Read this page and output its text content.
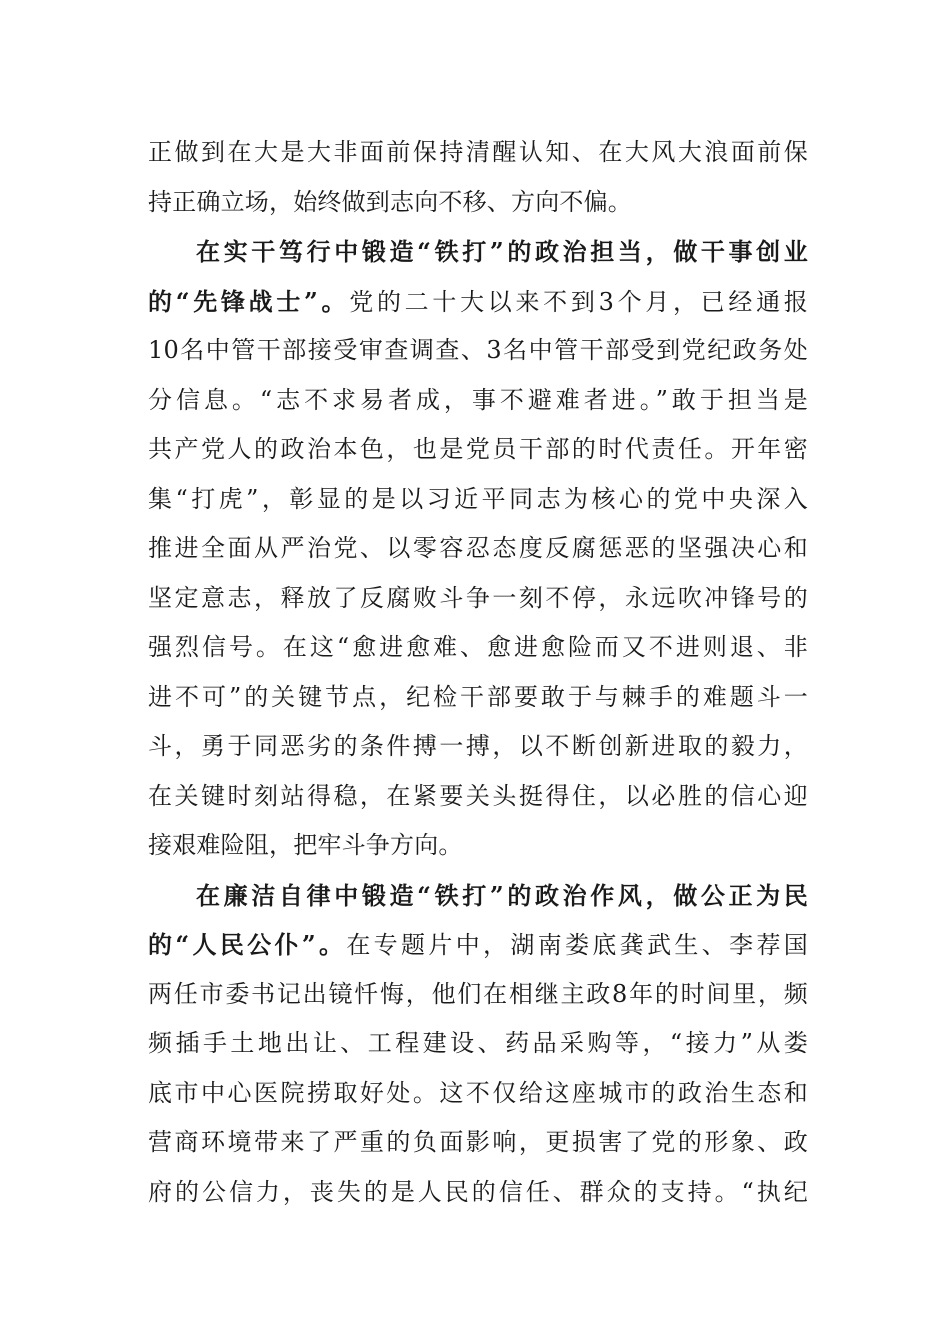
正做到在大是大非面前保持清醒认知、在大风大浪面前保
持正确立场，始终做到志向不移、方向不偏。
在实干笃行中锻造“铁打”的政治担当，做干事创业
的“先锋战士”。党的二十大以来不到3个月，已经通报
10名中管干部接受审查调查、3名中管干部受到党纪政务处
分信息。“志不求易者成，事不避难者进。”敢于担当是
共产党人的政治本色，也是党员干部的时代责任。开年密
集“打虎”，彰显的是以习近平同志为核心的党中央深入
推进全面从严治党、以零容忍态度反腐惩恶的坚强决心和
坚定意志，释放了反腐败斗争一刻不停，永远吹冲锋号的
强烈信号。在这“愈进愈难、愈进愈险而又不进则退、非
进不可”的关键节点，纪检干部要敢于与棘手的难题斗一
斗，勇于同恶劣的条件搏一搏，以不断创新进取的毅力，
在关键时刻站得稳，在紧要关头挺得住，以必胜的信心迎
接艰难险阻，把牢斗争方向。
在廉洁自律中锻造“铁打”的政治作风，做公正为民
的“人民公仆”。在专题片中，湖南娄底龚武生、李荐国
两任市委书记出镜忏悔，他们在相继主政8年的时间里，频
频插手土地出让、工程建设、药品采购等，“接力”从娄
底市中心医院捞取好处。这不仅给这座城市的政治生态和
营商环境带来了严重的负面影响，更损害了党的形象、政
府的公信力，丧失的是人民的信任、群众的支持。“执纪
